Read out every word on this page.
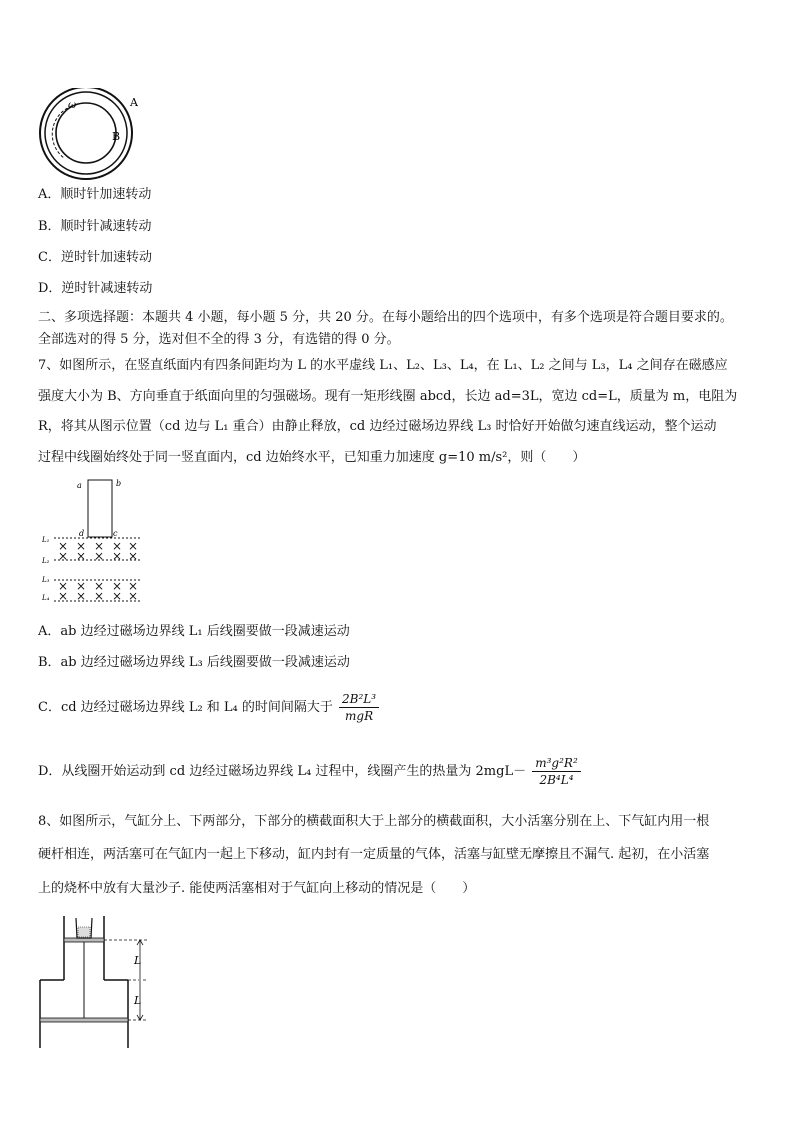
A
B
ω
A．顺时针加速转动
B．顺时针减速转动
C．逆时针加速转动
D．逆时针减速转动
二、多项选择题：本题共 4 小题，每小题 5 分，共 20 分。在每小题给出的四个选项中，有多个选项是符合题目要求的。
全部选对的得 5 分，选对但不全的得 3 分，有选错的得 0 分。
7、如图所示，在竖直纸面内有四条间距均为 L 的水平虚线 L₁、L₂、L₃、L₄，在 L₁、L₂ 之间与 L₃，L₄ 之间存在磁感应
强度大小为 B、方向垂直于纸面向里的匀强磁场。现有一矩形线圈 abcd，长边 ad=3L，宽边 cd=L，质量为 m，电阻为
R，将其从图示位置（cd 边与 L₁ 重合）由静止释放，cd 边经过磁场边界线 L₃ 时恰好开始做匀速直线运动，整个运动
过程中线圈始终处于同一竖直面内，cd 边始终水平，已知重力加速度 g=10 m/s²，则（　　）
a	b
d	c
L₁
L₂
L₃
L₄
× × × × ×
× × × × ×
× × × × ×
× × × × ×
A．ab 边经过磁场边界线 L₁ 后线圈要做一段减速运动
B．ab 边经过磁场边界线 L₃ 后线圈要做一段减速运动
C．cd 边经过磁场边界线 L₂ 和 L₄ 的时间间隔大于 $\frac{\text{2B²L³}}{\text{mgR}}$
D．从线圈开始运动到 cd 边经过磁场边界线 L₄ 过程中，线圈产生的热量为 $2mgL- \frac{\text{m³g²R²}}{\text{2B⁴L⁴}}$
8、如图所示，气缸分上、下两部分，下部分的横截面积大于上部分的横截面积，大小活塞分别在上、下气缸内用一根
硬杆相连，两活塞可在气缸内一起上下移动，缸内封有一定质量的气体，活塞与缸壁无摩擦且不漏气. 起初，在小活塞
上的烧杯中放有大量沙子. 能使两活塞相对于气缸向上移动的情况是（　　）
L
L
